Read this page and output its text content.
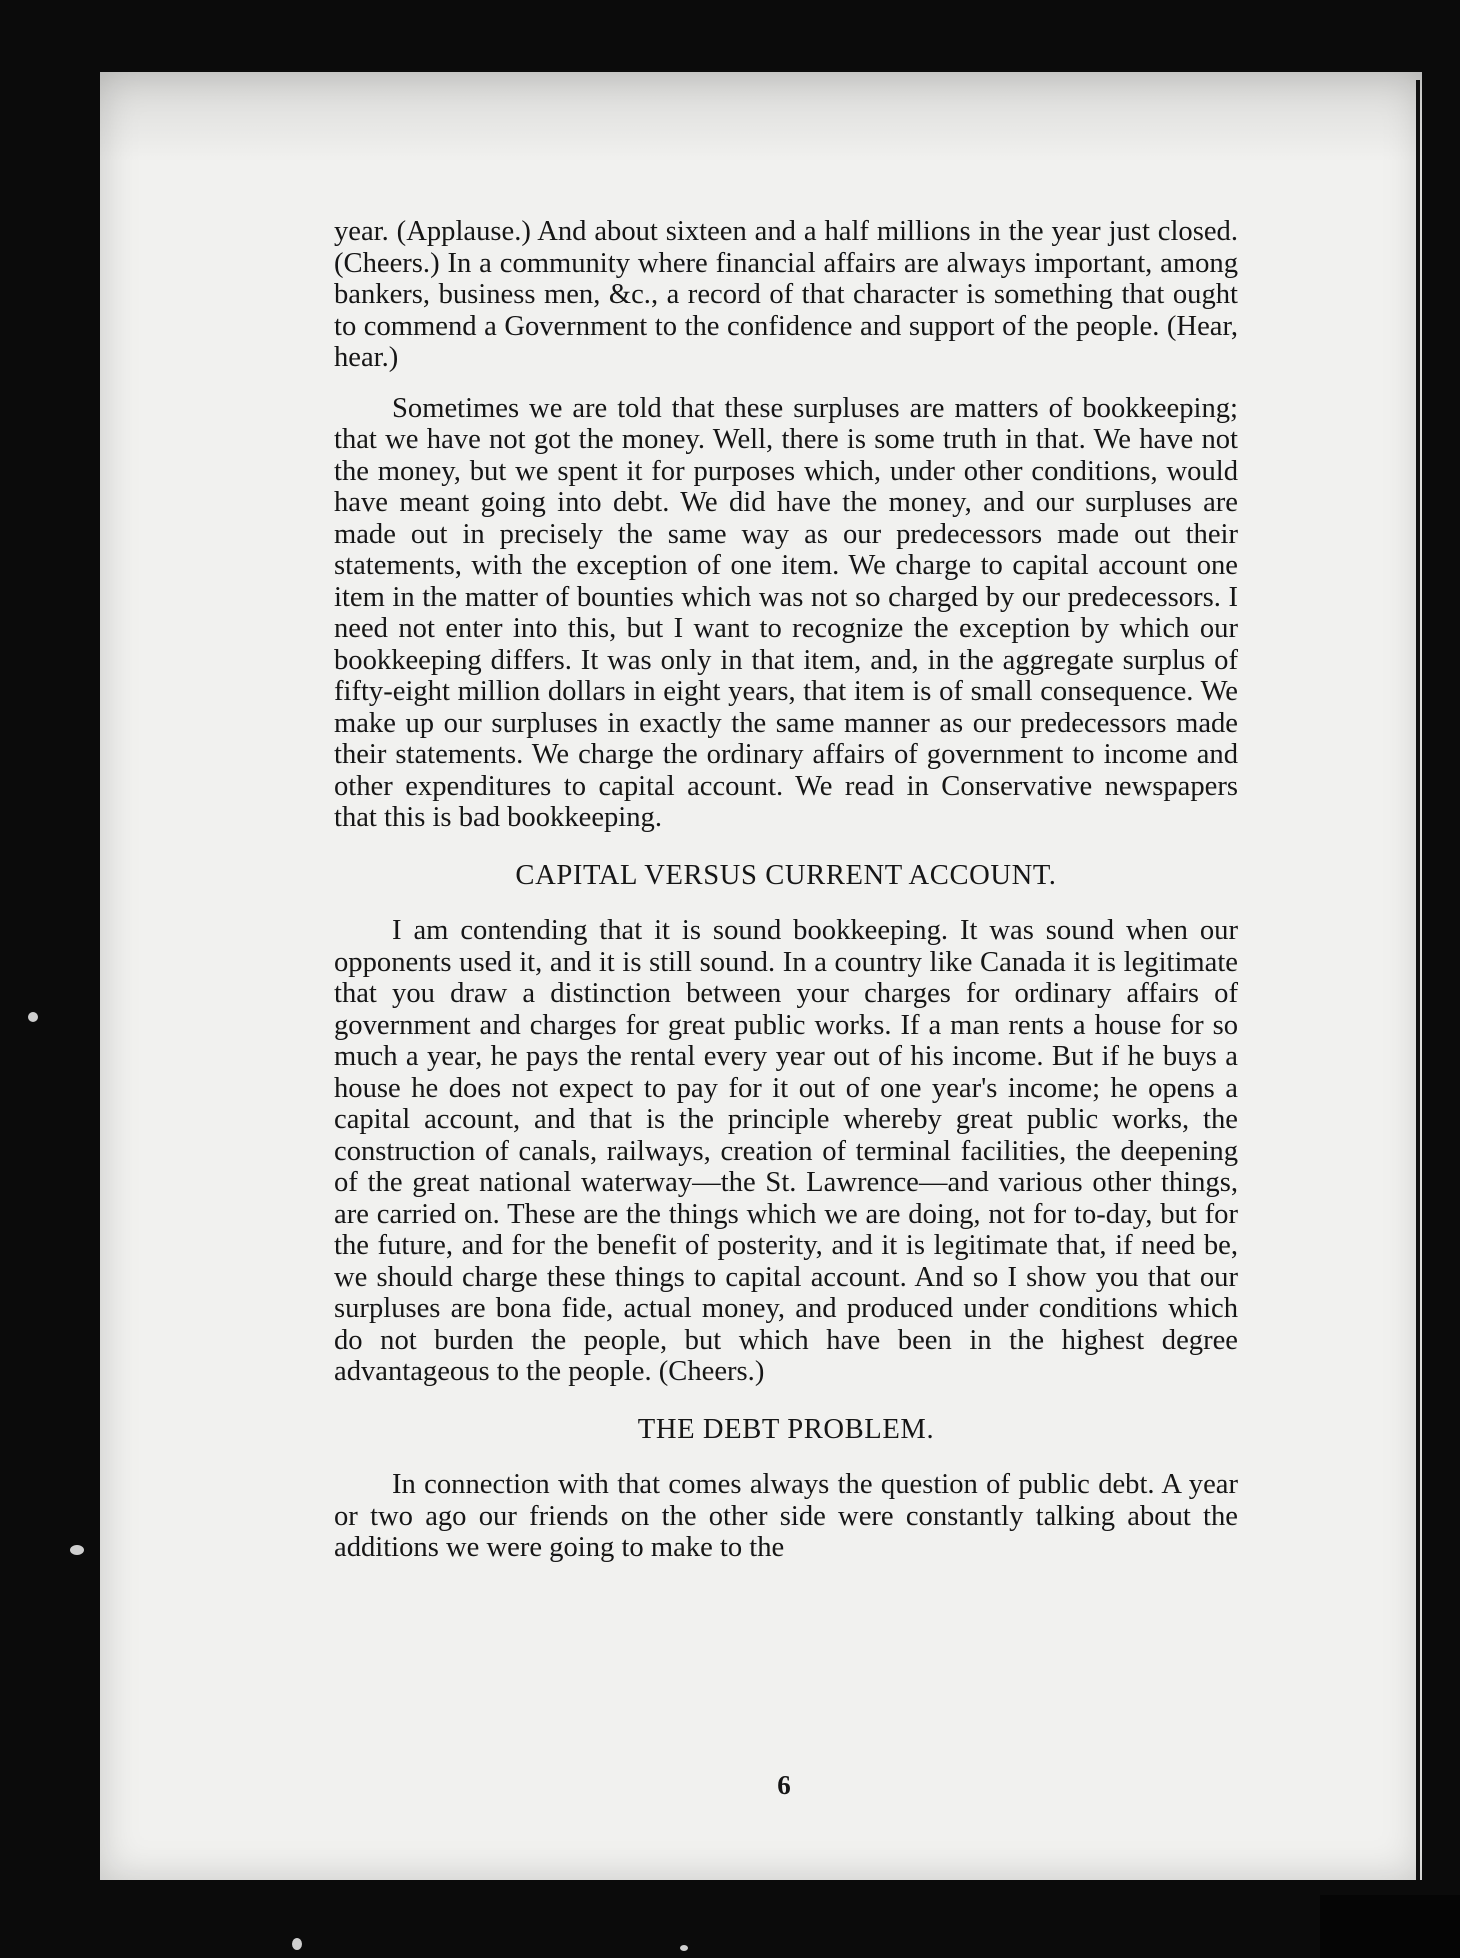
year. (Applause.) And about sixteen and a half millions in the year just closed. (Cheers.) In a community where financial affairs are always important, among bankers, business men, &c., a record of that character is something that ought to commend a Government to the confidence and support of the people. (Hear, hear.)

Sometimes we are told that these surpluses are matters of bookkeeping; that we have not got the money. Well, there is some truth in that. We have not the money, but we spent it for purposes which, under other conditions, would have meant going into debt. We did have the money, and our surpluses are made out in precisely the same way as our predecessors made out their statements, with the exception of one item. We charge to capital account one item in the matter of bounties which was not so charged by our predecessors. I need not enter into this, but I want to recognize the exception by which our bookkeeping differs. It was only in that item, and, in the aggregate surplus of fifty-eight million dollars in eight years, that item is of small consequence. We make up our surpluses in exactly the same manner as our predecessors made their statements. We charge the ordinary affairs of government to income and other expenditures to capital account. We read in Conservative newspapers that this is bad bookkeeping.

CAPITAL VERSUS CURRENT ACCOUNT.

I am contending that it is sound bookkeeping. It was sound when our opponents used it, and it is still sound. In a country like Canada it is legitimate that you draw a distinction between your charges for ordinary affairs of government and charges for great public works. If a man rents a house for so much a year, he pays the rental every year out of his income. But if he buys a house he does not expect to pay for it out of one year's income; he opens a capital account, and that is the principle whereby great public works, the construction of canals, railways, creation of terminal facilities, the deepening of the great national waterway—the St. Lawrence—and various other things, are carried on. These are the things which we are doing, not for to-day, but for the future, and for the benefit of posterity, and it is legitimate that, if need be, we should charge these things to capital account. And so I show you that our surpluses are bona fide, actual money, and produced under conditions which do not burden the people, but which have been in the highest degree advantageous to the people. (Cheers.)

THE DEBT PROBLEM.

In connection with that comes always the question of public debt. A year or two ago our friends on the other side were constantly talking about the additions we were going to make to the

6
